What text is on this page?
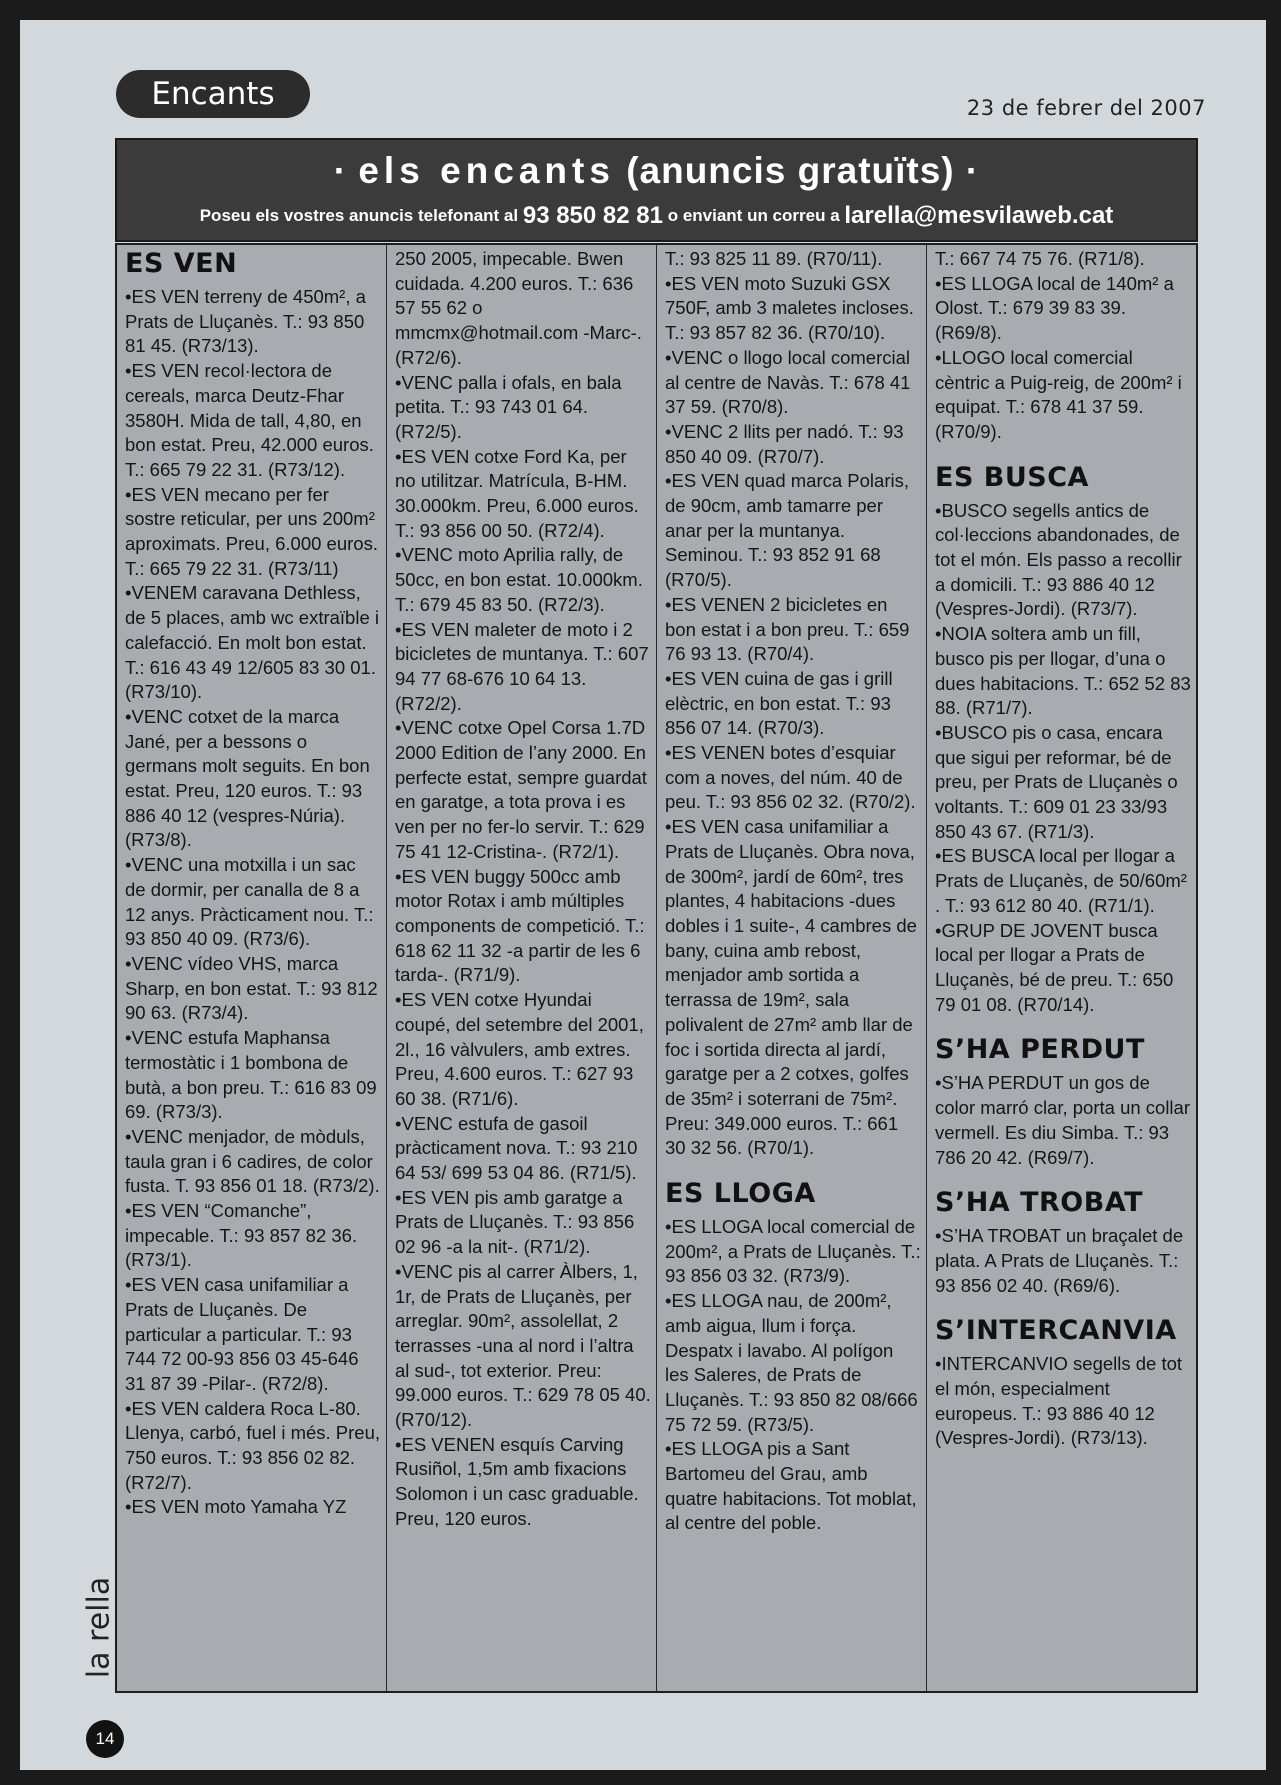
Encants	23 de febrer del 2007
· els encants (anuncis gratuïts) ·
Poseu els vostres anuncis telefonant al 93 850 82 81 o enviant un correu a larella@mesvilaweb.cat
ES VEN
•ES VEN terreny de 450m², a Prats de Lluçanès. T.: 93 850 81 45. (R73/13).
•ES VEN recol·lectora de cereals, marca Deutz-Fhar 3580H. Mida de tall, 4,80, en bon estat. Preu, 42.000 euros. T.: 665 79 22 31. (R73/12).
•ES VEN mecano per fer sostre reticular, per uns 200m² aproximats. Preu, 6.000 euros. T.: 665 79 22 31. (R73/11)
•VENEM caravana Dethless, de 5 places, amb wc extraïble i calefacció. En molt bon estat. T.: 616 43 49 12/605 83 30 01. (R73/10).
•VENC cotxet de la marca Jané, per a bessons o germans molt seguits. En bon estat. Preu, 120 euros. T.: 93 886 40 12 (vespres-Núria). (R73/8).
•VENC una motxilla i un sac de dormir, per canalla de 8 a 12 anys. Pràcticament nou. T.: 93 850 40 09. (R73/6).
•VENC vídeo VHS, marca Sharp, en bon estat. T.: 93 812 90 63. (R73/4).
•VENC estufa Maphansa termostàtic i 1 bombona de butà, a bon preu. T.: 616 83 09 69. (R73/3).
•VENC menjador, de mòduls, taula gran i 6 cadires, de color fusta. T. 93 856 01 18. (R73/2).
•ES VEN “Comanche”, impecable. T.: 93 857 82 36. (R73/1).
•ES VEN casa unifamiliar a Prats de Lluçanès. De particular a particular. T.: 93 744 72 00-93 856 03 45-646 31 87 39 -Pilar-. (R72/8).
•ES VEN caldera Roca L-80. Llenya, carbó, fuel i més. Preu, 750 euros. T.: 93 856 02 82. (R72/7).
•ES VEN moto Yamaha YZ
250 2005, impecable. Bwen cuidada. 4.200 euros. T.: 636 57 55 62 o mmcmx@hotmail.com -Marc-. (R72/6).
•VENC palla i ofals, en bala petita. T.: 93 743 01 64. (R72/5).
•ES VEN cotxe Ford Ka, per no utilitzar. Matrícula, B-HM. 30.000km. Preu, 6.000 euros. T.: 93 856 00 50. (R72/4).
•VENC moto Aprilia rally, de 50cc, en bon estat. 10.000km. T.: 679 45 83 50. (R72/3).
•ES VEN maleter de moto i 2 bicicletes de muntanya. T.: 607 94 77 68-676 10 64 13. (R72/2).
•VENC cotxe Opel Corsa 1.7D 2000 Edition de l’any 2000. En perfecte estat, sempre guardat en garatge, a tota prova i es ven per no fer-lo servir. T.: 629 75 41 12-Cristina-. (R72/1).
•ES VEN buggy 500cc amb motor Rotax i amb múltiples components de competició. T.: 618 62 11 32 -a partir de les 6 tarda-. (R71/9).
•ES VEN cotxe Hyundai coupé, del setembre del 2001, 2l., 16 vàlvulers, amb extres. Preu, 4.600 euros. T.: 627 93 60 38. (R71/6).
•VENC estufa de gasoil pràcticament nova. T.: 93 210 64 53/ 699 53 04 86. (R71/5).
•ES VEN pis amb garatge a Prats de Lluçanès. T.: 93 856 02 96 -a la nit-. (R71/2).
•VENC pis al carrer Àlbers, 1, 1r, de Prats de Lluçanès, per arreglar. 90m², assolellat, 2 terrasses -una al nord i l’altra al sud-, tot exterior. Preu: 99.000 euros. T.: 629 78 05 40. (R70/12).
•ES VENEN esquís Carving Rusiñol, 1,5m amb fixacions Solomon i un casc graduable. Preu, 120 euros.
T.: 93 825 11 89. (R70/11).
•ES VEN moto Suzuki GSX 750F, amb 3 maletes incloses. T.: 93 857 82 36. (R70/10).
•VENC o llogo local comercial al centre de Navàs. T.: 678 41 37 59. (R70/8).
•VENC 2 llits per nadó. T.: 93 850 40 09. (R70/7).
•ES VEN quad marca Polaris, de 90cm, amb tamarre per anar per la muntanya. Seminou. T.: 93 852 91 68 (R70/5).
•ES VENEN 2 bicicletes en bon estat i a bon preu. T.: 659 76 93 13. (R70/4).
•ES VEN cuina de gas i grill elèctric, en bon estat. T.: 93 856 07 14. (R70/3).
•ES VENEN botes d’esquiar com a noves, del núm. 40 de peu. T.: 93 856 02 32. (R70/2).
•ES VEN casa unifamiliar a Prats de Lluçanès. Obra nova, de 300m², jardí de 60m², tres plantes, 4 habitacions -dues dobles i 1 suite-, 4 cambres de bany, cuina amb rebost, menjador amb sortida a terrassa de 19m², sala polivalent de 27m² amb llar de foc i sortida directa al jardí, garatge per a 2 cotxes, golfes de 35m² i soterrani de 75m². Preu: 349.000 euros. T.: 661 30 32 56. (R70/1).
ES LLOGA
•ES LLOGA local comercial de 200m², a Prats de Lluçanès. T.: 93 856 03 32. (R73/9).
•ES LLOGA nau, de 200m², amb aigua, llum i força. Despatx i lavabo. Al polígon les Saleres, de Prats de Lluçanès. T.: 93 850 82 08/666 75 72 59. (R73/5).
•ES LLOGA pis a Sant Bartomeu del Grau, amb quatre habitacions. Tot moblat, al centre del poble.
T.: 667 74 75 76. (R71/8).
•ES LLOGA local de 140m² a Olost. T.: 679 39 83 39. (R69/8).
•LLOGO local comercial cèntric a Puig-reig, de 200m² i equipat. T.: 678 41 37 59. (R70/9).
ES BUSCA
•BUSCO segells antics de col·leccions abandonades, de tot el món. Els passo a recollir a domicili. T.: 93 886 40 12 (Vespres-Jordi). (R73/7).
•NOIA soltera amb un fill, busco pis per llogar, d’una o dues habitacions. T.: 652 52 83 88. (R71/7).
•BUSCO pis o casa, encara que sigui per reformar, bé de preu, per Prats de Lluçanès o voltants. T.: 609 01 23 33/93 850 43 67. (R71/3).
•ES BUSCA local per llogar a Prats de Lluçanès, de 50/60m² . T.: 93 612 80 40. (R71/1).
•GRUP DE JOVENT busca local per llogar a Prats de Lluçanès, bé de preu. T.: 650 79 01 08. (R70/14).
S’HA PERDUT
•S’HA PERDUT un gos de color marró clar, porta un collar vermell. Es diu Simba. T.: 93 786 20 42. (R69/7).
S’HA TROBAT
•S’HA TROBAT un braçalet de plata. A Prats de Lluçanès. T.: 93 856 02 40. (R69/6).
S’INTERCANVIA
•INTERCANVIO segells de tot el món, especialment europeus. T.: 93 886 40 12 (Vespres-Jordi). (R73/13).
la rella
14
